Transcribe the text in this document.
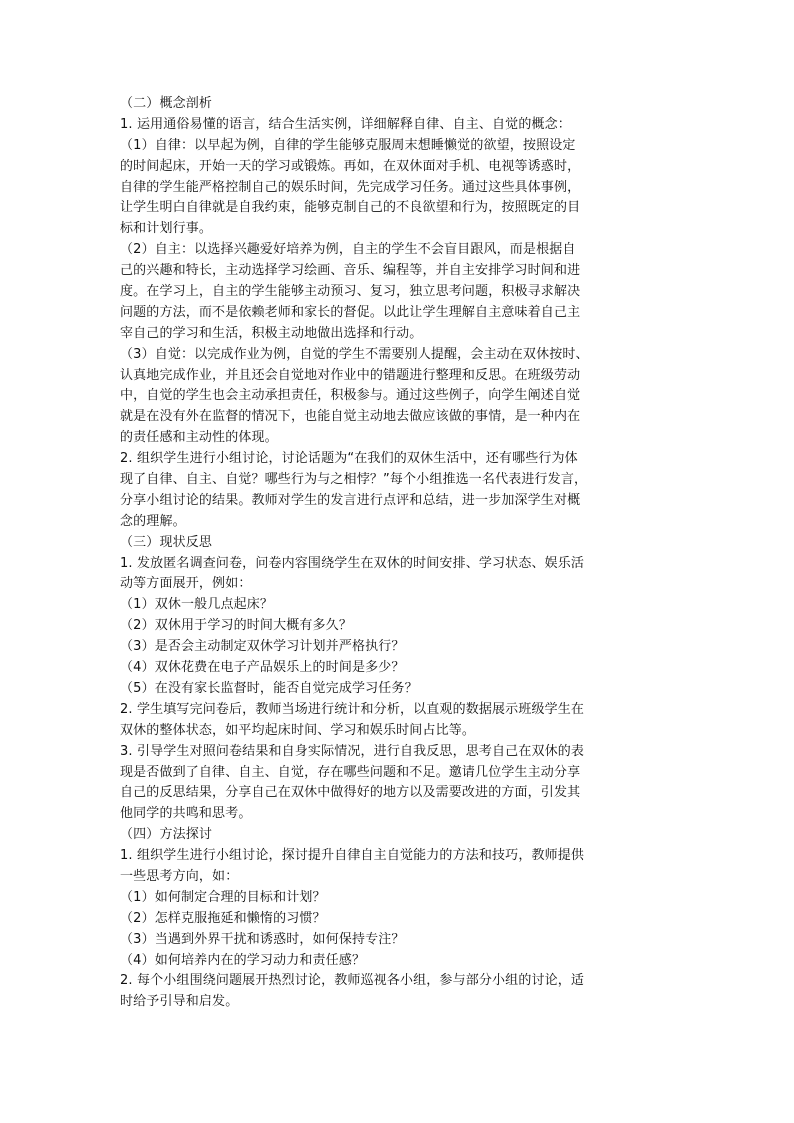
（二）概念剖析
1. 运用通俗易懂的语言，结合生活实例，详细解释自律、自主、自觉的概念：
（1）自律：以早起为例，自律的学生能够克服周末想睡懒觉的欲望，按照设定
的时间起床，开始一天的学习或锻炼。再如，在双休面对手机、电视等诱惑时，
自律的学生能严格控制自己的娱乐时间，先完成学习任务。通过这些具体事例，
让学生明白自律就是自我约束，能够克制自己的不良欲望和行为，按照既定的目
标和计划行事。
（2）自主：以选择兴趣爱好培养为例，自主的学生不会盲目跟风，而是根据自
己的兴趣和特长，主动选择学习绘画、音乐、编程等，并自主安排学习时间和进
度。在学习上，自主的学生能够主动预习、复习，独立思考问题，积极寻求解决
问题的方法，而不是依赖老师和家长的督促。以此让学生理解自主意味着自己主
宰自己的学习和生活，积极主动地做出选择和行动。
（3）自觉：以完成作业为例，自觉的学生不需要别人提醒，会主动在双休按时、
认真地完成作业，并且还会自觉地对作业中的错题进行整理和反思。在班级劳动
中，自觉的学生也会主动承担责任，积极参与。通过这些例子，向学生阐述自觉
就是在没有外在监督的情况下，也能自觉主动地去做应该做的事情，是一种内在
的责任感和主动性的体现。
2. 组织学生进行小组讨论，讨论话题为“在我们的双休生活中，还有哪些行为体
现了自律、自主、自觉？哪些行为与之相悖？”每个小组推选一名代表进行发言，
分享小组讨论的结果。教师对学生的发言进行点评和总结，进一步加深学生对概
念的理解。
（三）现状反思
1. 发放匿名调查问卷，问卷内容围绕学生在双休的时间安排、学习状态、娱乐活
动等方面展开，例如：
（1）双休一般几点起床？
（2）双休用于学习的时间大概有多久？
（3）是否会主动制定双休学习计划并严格执行？
（4）双休花费在电子产品娱乐上的时间是多少？
（5）在没有家长监督时，能否自觉完成学习任务？
2. 学生填写完问卷后，教师当场进行统计和分析，以直观的数据展示班级学生在
双休的整体状态，如平均起床时间、学习和娱乐时间占比等。
3. 引导学生对照问卷结果和自身实际情况，进行自我反思，思考自己在双休的表
现是否做到了自律、自主、自觉，存在哪些问题和不足。邀请几位学生主动分享
自己的反思结果，分享自己在双休中做得好的地方以及需要改进的方面，引发其
他同学的共鸣和思考。
（四）方法探讨
1. 组织学生进行小组讨论，探讨提升自律自主自觉能力的方法和技巧，教师提供
一些思考方向，如：
（1）如何制定合理的目标和计划？
（2）怎样克服拖延和懒惰的习惯？
（3）当遇到外界干扰和诱惑时，如何保持专注？
（4）如何培养内在的学习动力和责任感？
2. 每个小组围绕问题展开热烈讨论，教师巡视各小组，参与部分小组的讨论，适
时给予引导和启发。
